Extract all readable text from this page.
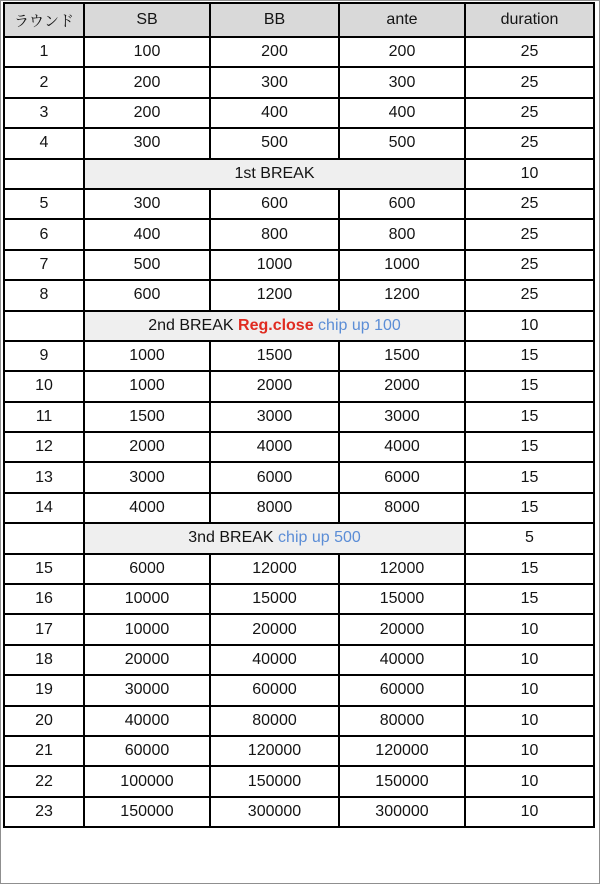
ラウンド	SB	BB	ante	duration
1	100	200	200	25
2	200	300	300	25
3	200	400	400	25
4	300	500	500	25
	1st BREAK			10
5	300	600	600	25
6	400	800	800	25
7	500	1000	1000	25
8	600	1200	1200	25
	2nd BREAK Reg.close chip up 100			10
9	1000	1500	1500	15
10	1000	2000	2000	15
11	1500	3000	3000	15
12	2000	4000	4000	15
13	3000	6000	6000	15
14	4000	8000	8000	15
	3nd BREAK chip up 500			5
15	6000	12000	12000	15
16	10000	15000	15000	15
17	10000	20000	20000	10
18	20000	40000	40000	10
19	30000	60000	60000	10
20	40000	80000	80000	10
21	60000	120000	120000	10
22	100000	150000	150000	10
23	150000	300000	300000	10
